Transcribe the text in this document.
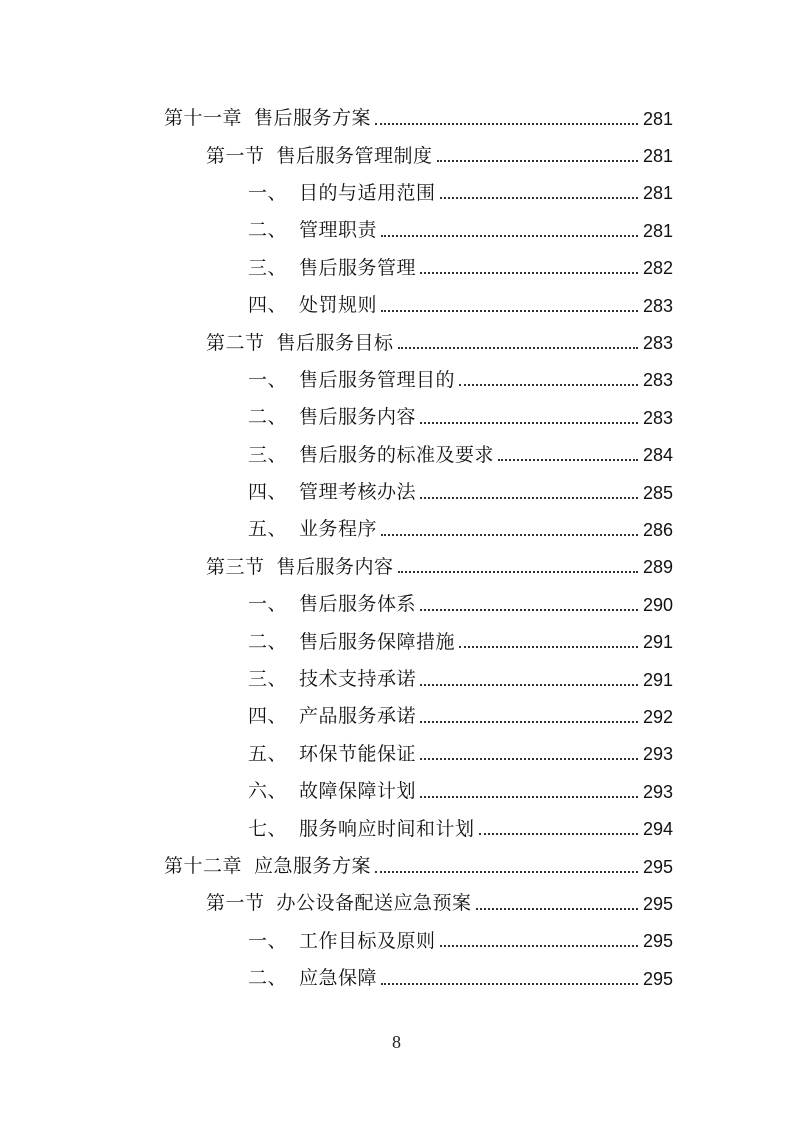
第十一章 售后服务方案	281
第一节 售后服务管理制度	281
一、 目的与适用范围	281
二、 管理职责	281
三、 售后服务管理	282
四、 处罚规则	283
第二节 售后服务目标	283
一、 售后服务管理目的	283
二、 售后服务内容	283
三、 售后服务的标准及要求	284
四、 管理考核办法	285
五、 业务程序	286
第三节 售后服务内容	289
一、 售后服务体系	290
二、 售后服务保障措施	291
三、 技术支持承诺	291
四、 产品服务承诺	292
五、 环保节能保证	293
六、 故障保障计划	293
七、 服务响应时间和计划	294
第十二章 应急服务方案	295
第一节 办公设备配送应急预案	295
一、 工作目标及原则	295
二、 应急保障	295
8
